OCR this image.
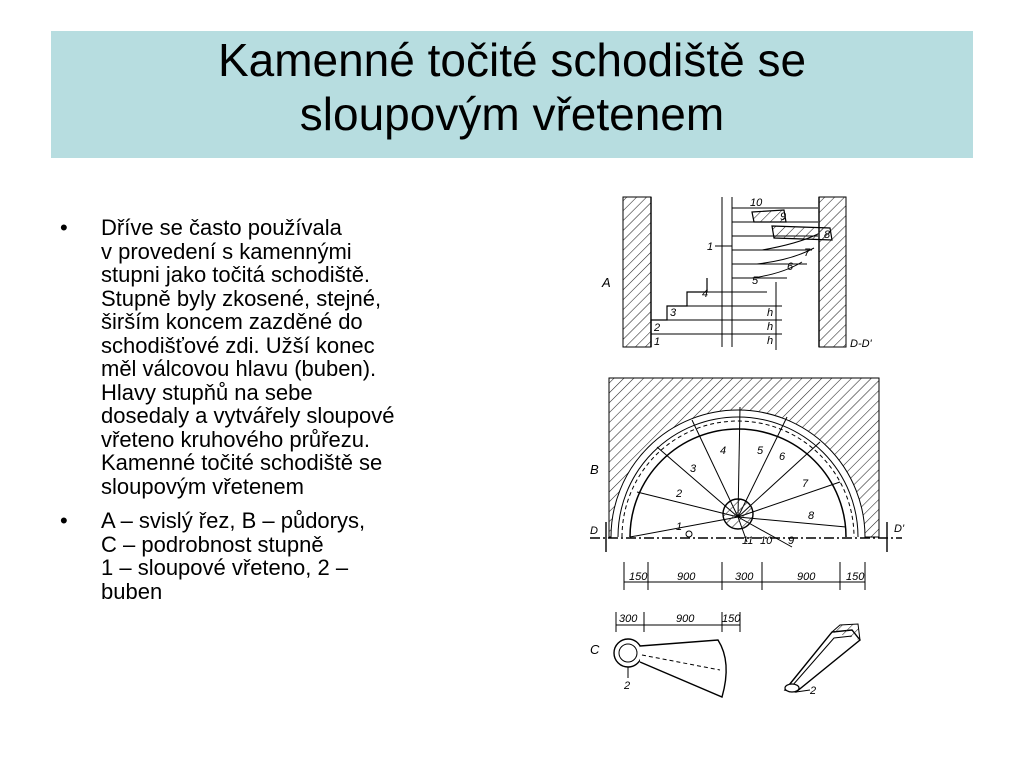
Kamenné točité schodiště se
sloupovým vřetenem
• Dříve se často používala
v provedení s kamennými
stupni jako točitá schodiště.
Stupně byly zkosené, stejné,
širším koncem zazděné do
schodišťové zdi. Užší konec
měl válcovou hlavu (buben).
Hlavy stupňů na sebe
dosedaly a vytvářely sloupové
vřeteno kruhového průřezu.
Kamenné točité schodiště se
sloupovým vřetenem
• A – svislý řez, B – půdorys,
C – podrobnost stupně
1 – sloupové vřeteno, 2 –
buben
h
h
h
1
2
3
4
5
6
7
8
9
10
1
A
D-D'
1
2
3
4	5 6
7
8
9
10
11
B
D	D'
150	900	300	900	150
300	900	150
C
2	2
